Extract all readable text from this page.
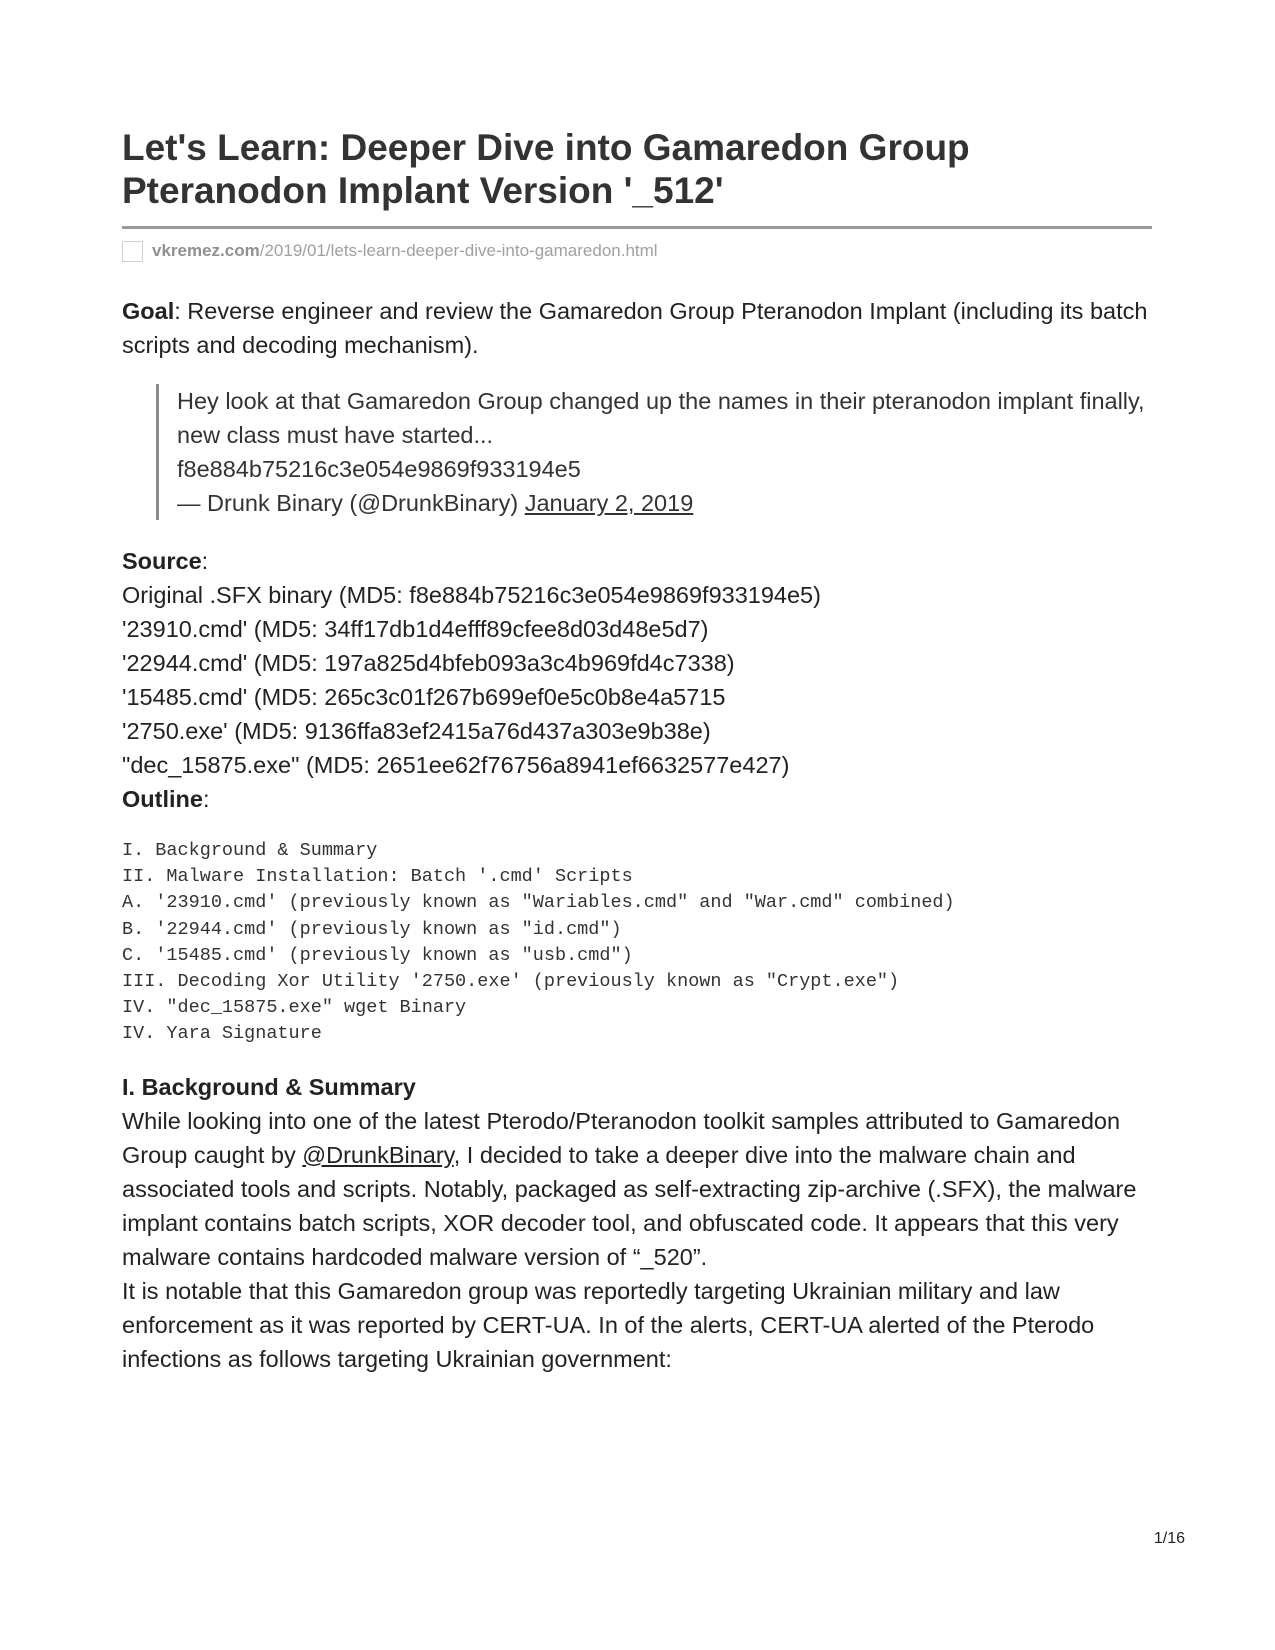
Let's Learn: Deeper Dive into Gamaredon Group Pteranodon Implant Version '_512'
vkremez.com /2019/01/lets-learn-deeper-dive-into-gamaredon.html

Goal: Reverse engineer and review the Gamaredon Group Pteranodon Implant (including its batch scripts and decoding mechanism).

Hey look at that Gamaredon Group changed up the names in their pteranodon implant finally, new class must have started...
f8e884b75216c3e054e9869f933194e5
— Drunk Binary (@DrunkBinary) January 2, 2019

Source:

Original .SFX binary (MD5: f8e884b75216c3e054e9869f933194e5)

'23910.cmd' (MD5: 34ff17db1d4efff89cfee8d03d48e5d7)

'22944.cmd' (MD5: 197a825d4bfeb093a3c4b969fd4c7338)

'15485.cmd' (MD5: 265c3c01f267b699ef0e5c0b8e4a5715

'2750.exe' (MD5: 9136ffa83ef2415a76d437a303e9b38e)

"dec_15875.exe" (MD5: 2651ee62f76756a8941ef6632577e427)

Outline:

I. Background & Summary
II. Malware Installation: Batch '.cmd' Scripts
A. '23910.cmd' (previously known as "Wariables.cmd" and "War.cmd" combined)
B. '22944.cmd' (previously known as "id.cmd")
C. '15485.cmd' (previously known as "usb.cmd")
III. Decoding Xor Utility '2750.exe' (previously known as "Crypt.exe")
IV. "dec_15875.exe" wget Binary
IV. Yara Signature
I. Background & Summary

While looking into one of the latest Pterodo/Pteranodon toolkit samples attributed to Gamaredon Group caught by @DrunkBinary, I decided to take a deeper dive into the malware chain and associated tools and scripts. Notably, packaged as self-extracting zip-archive (.SFX), the malware implant contains batch scripts, XOR decoder tool, and obfuscated code. It appears that this very malware contains hardcoded malware version of “_520”.

It is notable that this Gamaredon group was reportedly targeting Ukrainian military and law enforcement as it was reported by CERT-UA. In of the alerts, CERT-UA alerted of the Pterodo infections as follows targeting Ukrainian government:

1/16
